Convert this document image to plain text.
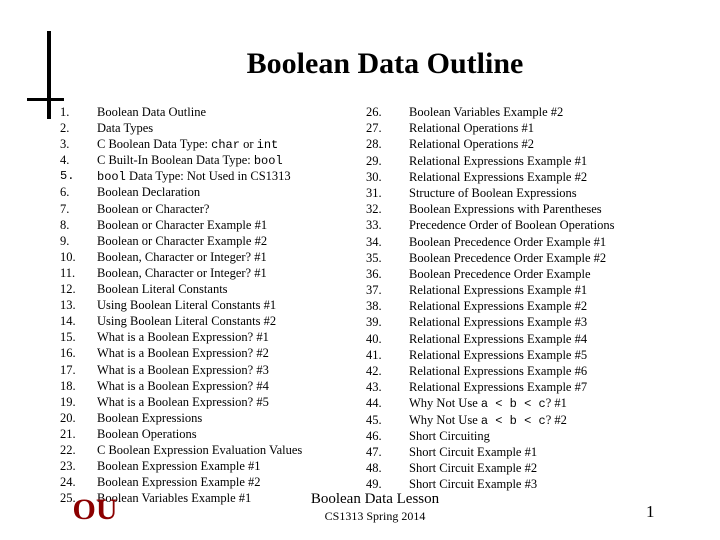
Boolean Data Outline
1.	Boolean Data Outline
2.	Data Types
3.	C Boolean Data Type: char or int
4.	C Built-In Boolean Data Type: bool
5.	bool Data Type: Not Used in CS1313
6.	Boolean Declaration
7.	Boolean or Character?
8.	Boolean or Character Example #1
9.	Boolean or Character Example #2
10.	Boolean, Character or Integer? #1
11.	Boolean, Character or Integer? #1
12.	Boolean Literal Constants
13.	Using Boolean Literal Constants #1
14.	Using Boolean Literal Constants #2
15.	What is a Boolean Expression? #1
16.	What is a Boolean Expression? #2
17.	What is a Boolean Expression? #3
18.	What is a Boolean Expression? #4
19.	What is a Boolean Expression? #5
20.	Boolean Expressions
21.	Boolean Operations
22.	C Boolean Expression Evaluation Values
23.	Boolean Expression Example #1
24.	Boolean Expression Example #2
25.	Boolean Variables Example #1
26.	Boolean Variables Example #2
27.	Relational Operations #1
28.	Relational Operations #2
29.	Relational Expressions Example #1
30.	Relational Expressions Example #2
31.	Structure of Boolean Expressions
32.	Boolean Expressions with Parentheses
33.	Precedence Order of Boolean Operations
34.	Boolean Precedence Order Example #1
35.	Boolean Precedence Order Example #2
36.	Boolean Precedence Order Example
37.	Relational Expressions Example #1
38.	Relational Expressions Example #2
39.	Relational Expressions Example #3
40.	Relational Expressions Example #4
41.	Relational Expressions Example #5
42.	Relational Expressions Example #6
43.	Relational Expressions Example #7
44.	Why Not Use a < b < c? #1
45.	Why Not Use a < b < c? #2
46.	Short Circuiting
47.	Short Circuit Example #1
48.	Short Circuit Example #2
49.	Short Circuit Example #3
OU	Boolean Data Lesson
CS1313 Spring 2014	1
